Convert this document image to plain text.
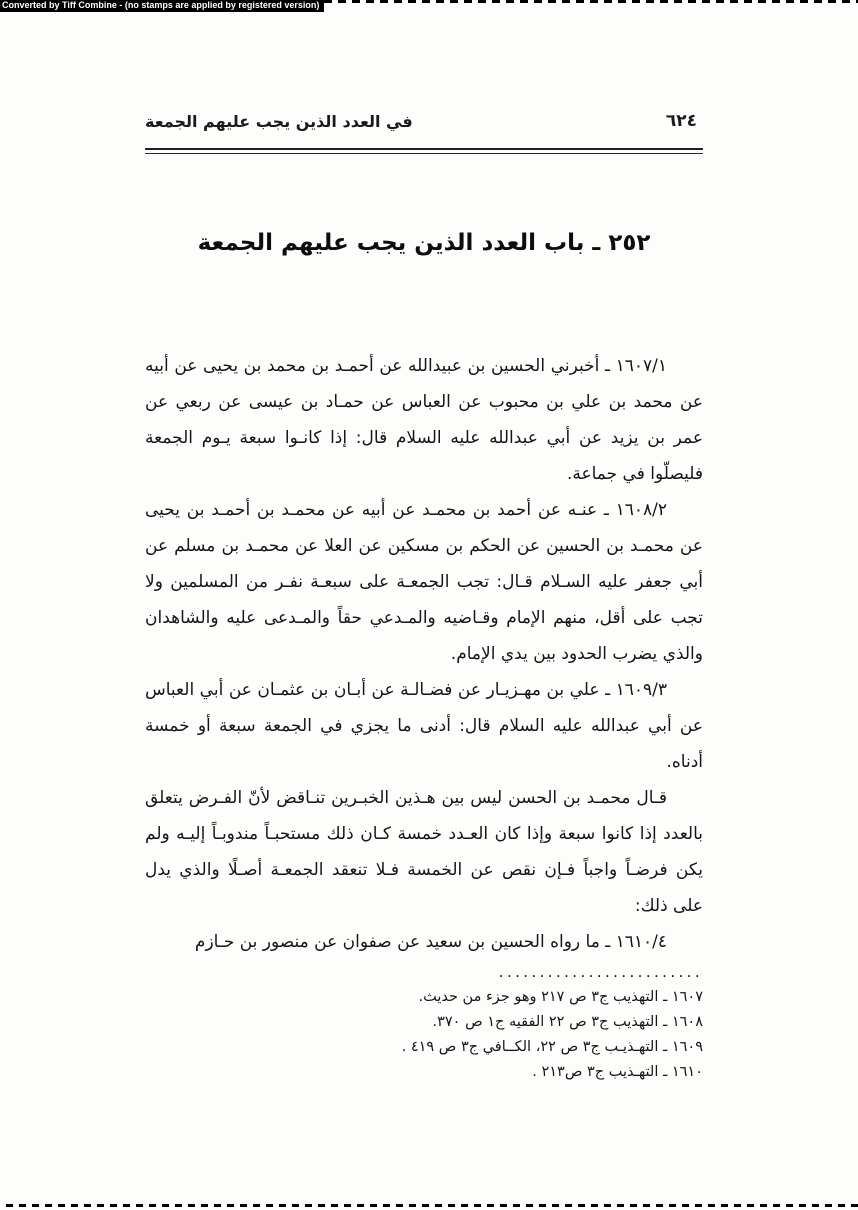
Converted by Tiff Combine - (no stamps are applied by registered version)
في العدد الذين يجب عليهم الجمعة	٦٢٤
٢٥٢ ـ باب العدد الذين يجب عليهم الجمعة

١٦٠٧/١ ـ أخبرني الحسين بن عبيدالله عن أحمـد بن محمد بن يحيى عن أبيه عن محمد بن علي بن محبوب عن العباس عن حمـاد بن عيسى عن ربعي عن عمر بن يزيد عن أبي عبدالله عليه السلام قال: إذا كانـوا سبعة يـوم الجمعة فليصلّوا في جماعة.

١٦٠٨/٢ ـ عنـه عن أحمد بن محمـد عن أبيه عن محمـد بن أحمـد بن يحيى عن محمـد بن الحسين عن الحكم بن مسكين عن العلا عن محمـد بن مسلم عن أبي جعفر عليه السـلام قـال: تجب الجمعـة على سبعـة نفـر من المسلمين ولا تجب على أقل، منهم الإمام وقـاضيه والمـدعي حقاً والمـدعى عليه والشاهدان والذي يضرب الحدود بين يدي الإمام.

١٦٠٩/٣ ـ علي بن مهـزيـار عن فضـالـة عن أبـان بن عثمـان عن أبي العباس عن أبي عبدالله عليه السلام قال: أدنى ما يجزي في الجمعة سبعة أو خمسة أدناه.

قـال محمـد بن الحسن ليس بين هـذين الخبـرين تنـاقض لأنّ الفـرض يتعلق بالعدد إذا كانوا سبعة وإذا كان العـدد خمسة كـان ذلك مستحبـاً مندوبـاً إليـه ولم يكن فرضـاً واجباً فـإن نقص عن الخمسة فـلا تنعقد الجمعـة أصـلًا والذي يدل على ذلك:

١٦١٠/٤ ـ ما رواه الحسين بن سعيد عن صفوان عن منصور بن حـازم

.........................
١٦٠٧ ـ التهذيب ج٣ ص ٢١٧ وهو جزء من حديث.
١٦٠٨ ـ التهذيب ج٣ ص ٢٢ الفقيه ج١ ص ٣٧٠.
١٦٠٩ ـ التهـذيـب ج٣ ص ٢٢، الكــافي ج٣ ص ٤١٩ .
١٦١٠ ـ التهـذيب ج٣ ص٢١٣ .
